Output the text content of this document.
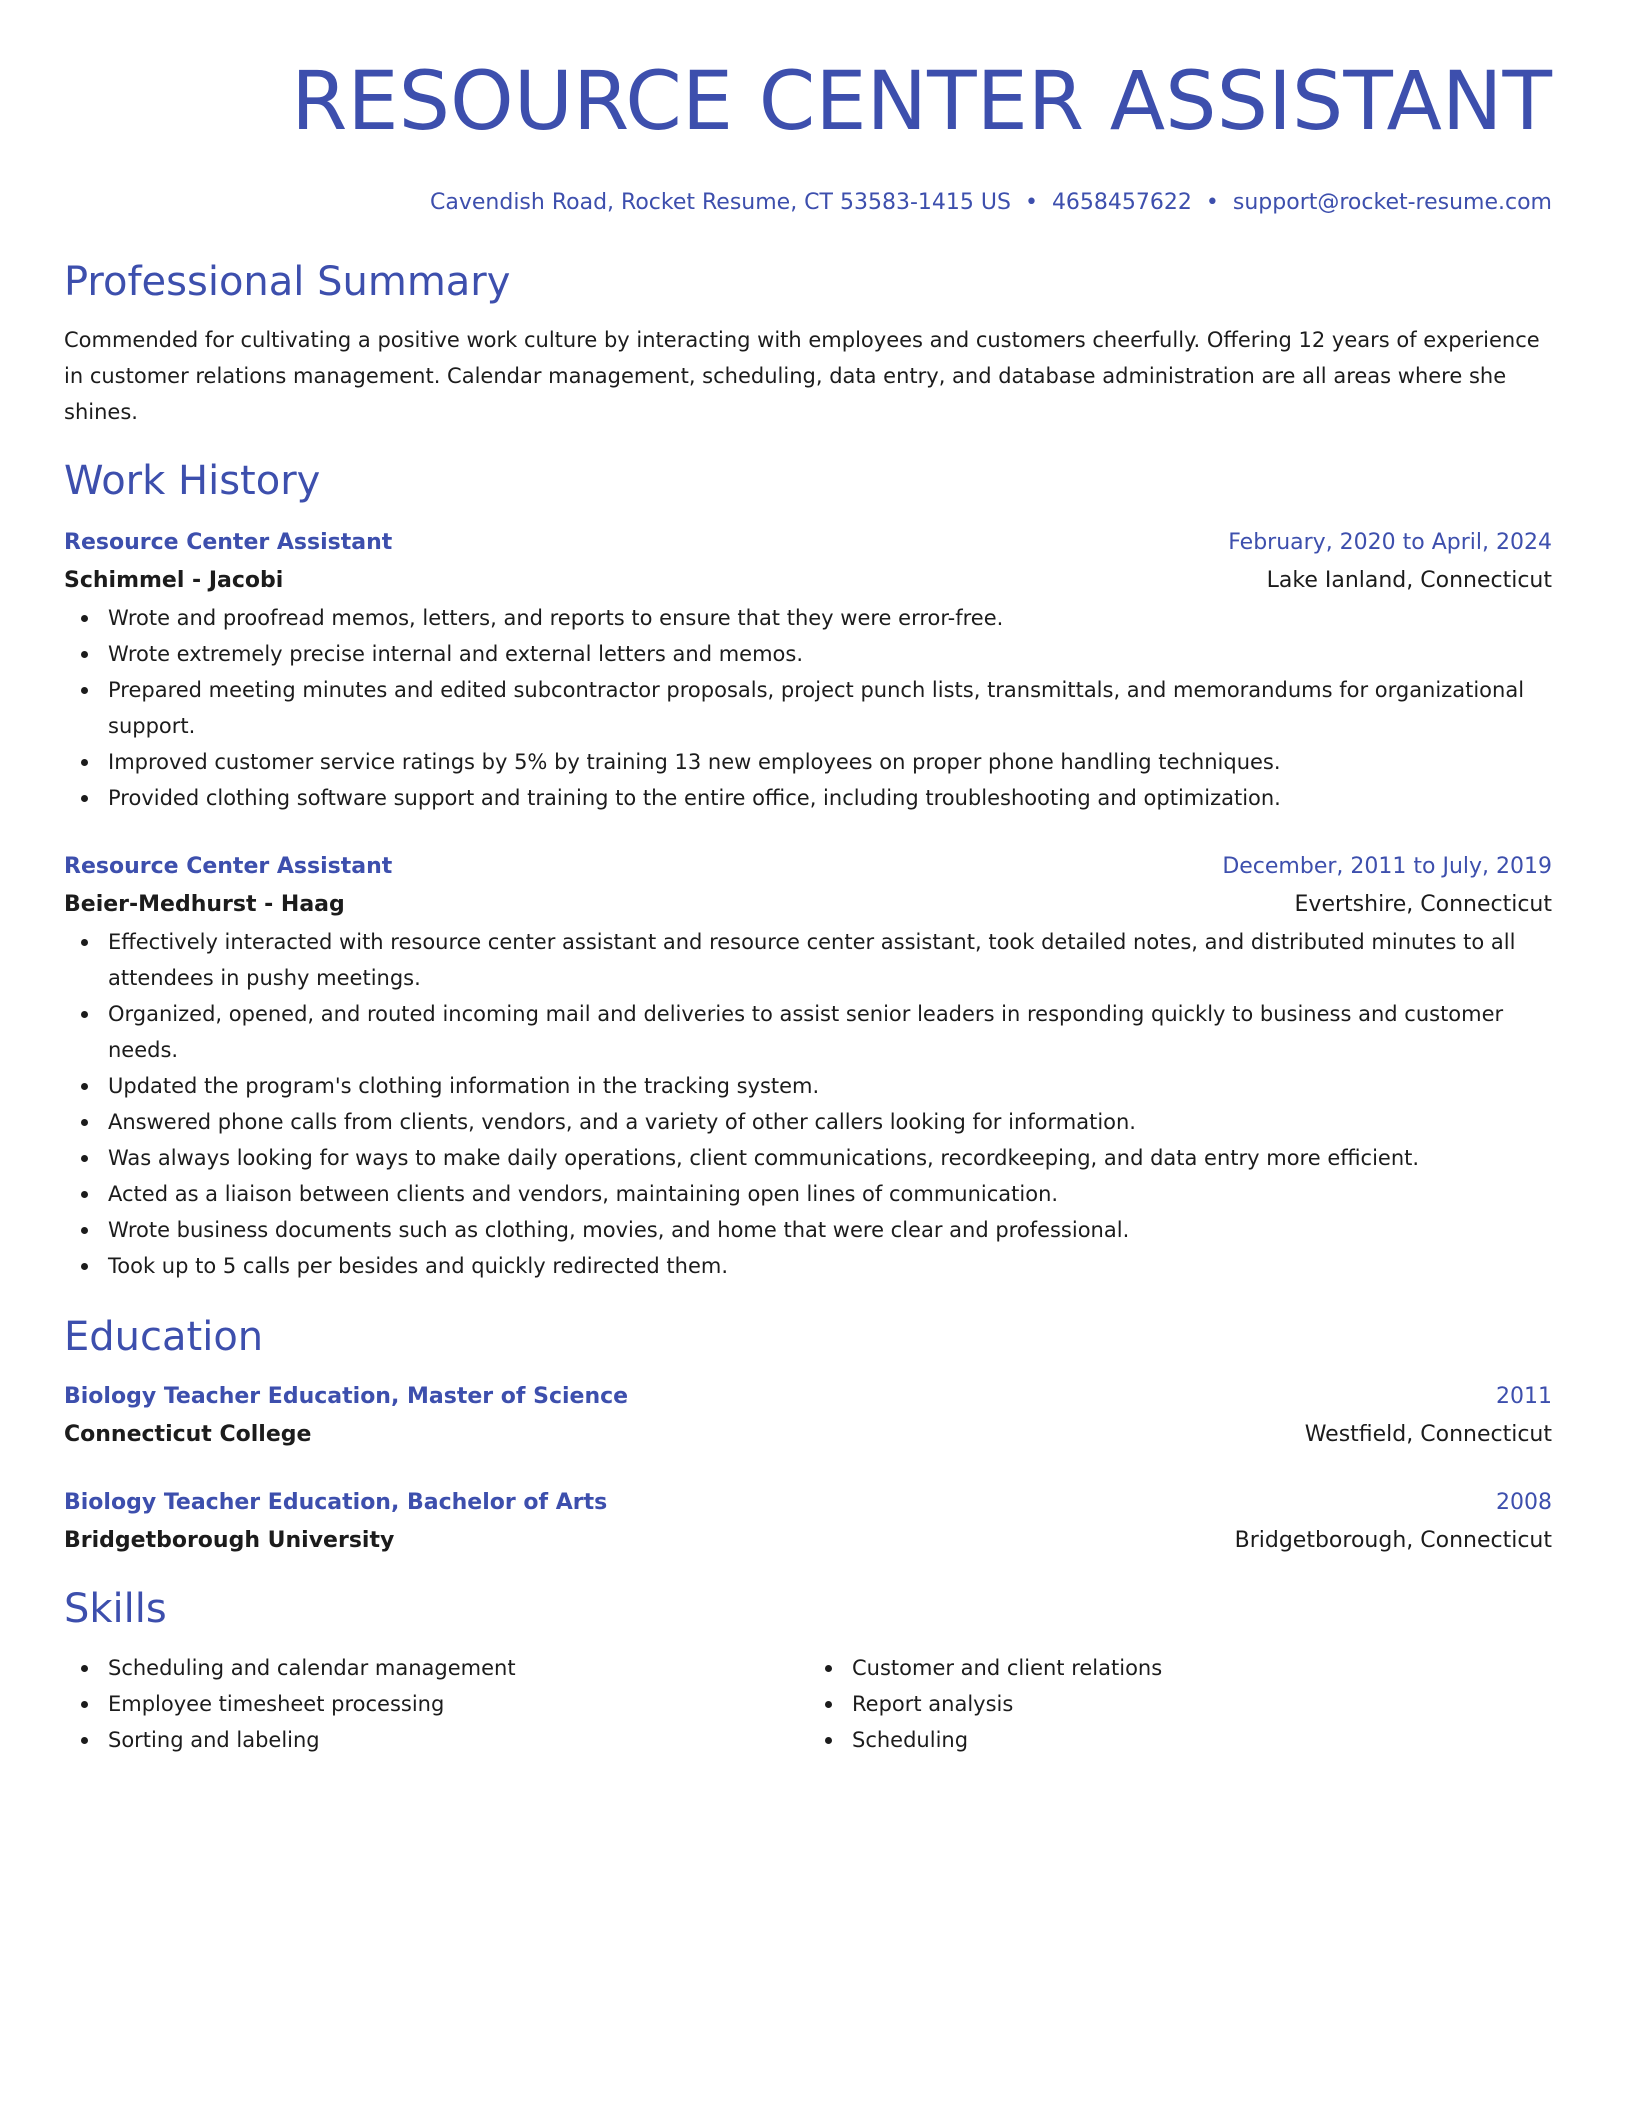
RESOURCE CENTER ASSISTANT
Cavendish Road, Rocket Resume, CT 53583-1415 US • 4658457622 • support@rocket-resume.com
Professional Summary
Commended for cultivating a positive work culture by interacting with employees and customers cheerfully. Offering 12 years of experience in customer relations management. Calendar management, scheduling, data entry, and database administration are all areas where she shines.
Work History
Resource Center Assistant	February, 2020 to April, 2024
Schimmel - Jacobi	Lake Ianland, Connecticut
Wrote and proofread memos, letters, and reports to ensure that they were error-free.
Wrote extremely precise internal and external letters and memos.
Prepared meeting minutes and edited subcontractor proposals, project punch lists, transmittals, and memorandums for organizational support.
Improved customer service ratings by 5% by training 13 new employees on proper phone handling techniques.
Provided clothing software support and training to the entire office, including troubleshooting and optimization.
Resource Center Assistant	December, 2011 to July, 2019
Beier-Medhurst - Haag	Evertshire, Connecticut
Effectively interacted with resource center assistant and resource center assistant, took detailed notes, and distributed minutes to all attendees in pushy meetings.
Organized, opened, and routed incoming mail and deliveries to assist senior leaders in responding quickly to business and customer needs.
Updated the program's clothing information in the tracking system.
Answered phone calls from clients, vendors, and a variety of other callers looking for information.
Was always looking for ways to make daily operations, client communications, recordkeeping, and data entry more efficient.
Acted as a liaison between clients and vendors, maintaining open lines of communication.
Wrote business documents such as clothing, movies, and home that were clear and professional.
Took up to 5 calls per besides and quickly redirected them.
Education
Biology Teacher Education, Master of Science	2011
Connecticut College	Westfield, Connecticut
Biology Teacher Education, Bachelor of Arts	2008
Bridgetborough University	Bridgetborough, Connecticut
Skills
Scheduling and calendar management
Employee timesheet processing
Sorting and labeling
Customer and client relations
Report analysis
Scheduling
